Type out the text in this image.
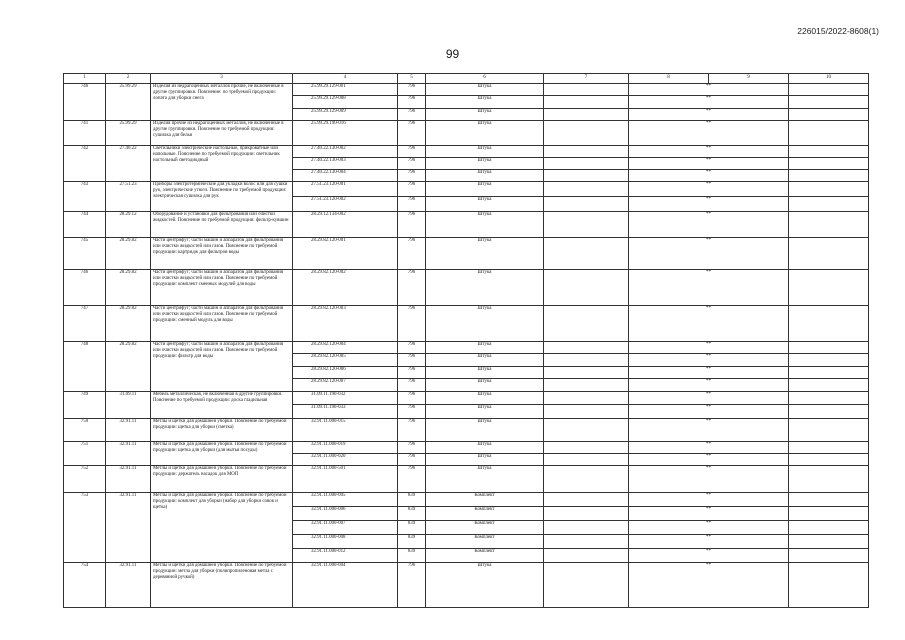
226015/2022-8608(1)
99
1	2	3	4	5	6	7	8	9	10
746	25.99.29	Изделия из недрагоценных металлов прочие, не включенные в другие группировки. Пояснение: по требуемой продукции: лопата для уборки снега	25.99.29.129-001	796	Штука		**		
			25.99.29.129-008	796	Штука		**		
			25.99.29.129-009	796	Штука		**		
741	25.99.29	Изделия прочие из недрагоценных металлов, не включенные в другие группировки. Пояснение по требуемой продукции: сушилка для белья	25.99.29.190-016	796	Штука		**		
742	27.40.22	Светильники электрические настольные, прикроватные или напольные. Пояснение по требуемой продукции: светильник настольный светодиодный	27.40.22.130-002	796	Штука		**		
			27.40.22.130-003	796	Штука		**		
			27.40.22.130-004	796	Штука		**		
743	27.51.23	Приборы электротермические для укладки волос или для сушки рук, электрические утюги. Пояснение по требуемой продукции: электрическая сушилка для рук	27.51.23.120-001	796	Штука		**		
			27.51.23.120-002	796	Штука		**		
744	28.29.12	Оборудование и установки для фильтрования или очистки жидкостей. Пояснение по требуемой продукции: фильтр-кувшин	28.29.12.134-002	796	Штука		**		
745	28.29.82	Части центрифуг; части машин и аппаратов для фильтрования или очистки жидкостей или газов. Пояснение по требуемой продукции: картридж для фильтров воды	28.29.82.120-001	796	Штука		**		
746	28.29.82	Части центрифуг; части машин и аппаратов для фильтрования или очистки жидкостей или газов. Пояснение по требуемой продукции: комплект сменных модулей для воды	28.29.82.120-002	796	Штука		**		
747	28.29.82	Части центрифуг; части машин и аппаратов для фильтрования или очистки жидкостей или газов. Пояснение по требуемой продукции: сменный модуль для воды	28.29.82.120-003	796	Штука		**		
748	28.29.82	Части центрифуг; части машин и аппаратов для фильтрования или очистки жидкостей или газов. Пояснение по требуемой продукции: фильтр для воды	28.29.82.120-004	796	Штука		**		
			28.29.82.120-005	796	Штука		**		
			28.29.82.120-006	796	Штука		**		
			28.29.82.120-007	796	Штука		**		
749	31.09.11	Мебель металлическая, не включенная в другие группировки. Пояснение по требуемой продукции: доска гладильная	31.09.11.190-032	796	Штука		**		
			31.09.11.190-033	796	Штука		**		
750	32.91.11	Метлы и щетки для домашней уборки. Пояснение по требуемой продукции: щетка для уборки (сметка)	32.91.11.000-015	796	Штука		**		
751	32.91.11	Метлы и щетки для домашней уборки. Пояснение по требуемой продукции: щетка для уборки (для мытья посуды)	32.91.11.000-019	796	Штука		**		
			32.91.11.000-020	796	Штука		**		
752	32.91.11	Метлы и щетки для домашней уборки. Пояснение по требуемой продукции: держатель насадок для МОП	32.91.11.000-501	796	Штука		**		
753	32.91.11	Метлы и щетки для домашней уборки. Пояснение по требуемой продукции: комплект для уборки (набор для уборки совок и щетка)	32.91.11.000-005	839	Комплект		**		
			32.91.11.000-006	839	Комплект		**		
			32.91.11.000-007	839	Комплект		**		
			32.91.11.000-008	839	Комплект		**		
			32.91.11.000-012	839	Комплект		**		
754	32.91.11	Метлы и щетки для домашней уборки. Пояснение по требуемой продукции: метла для уборки (полипропиленовая метла с деревянной ручкой)	32.91.11.000-004	796	Штука		**		
